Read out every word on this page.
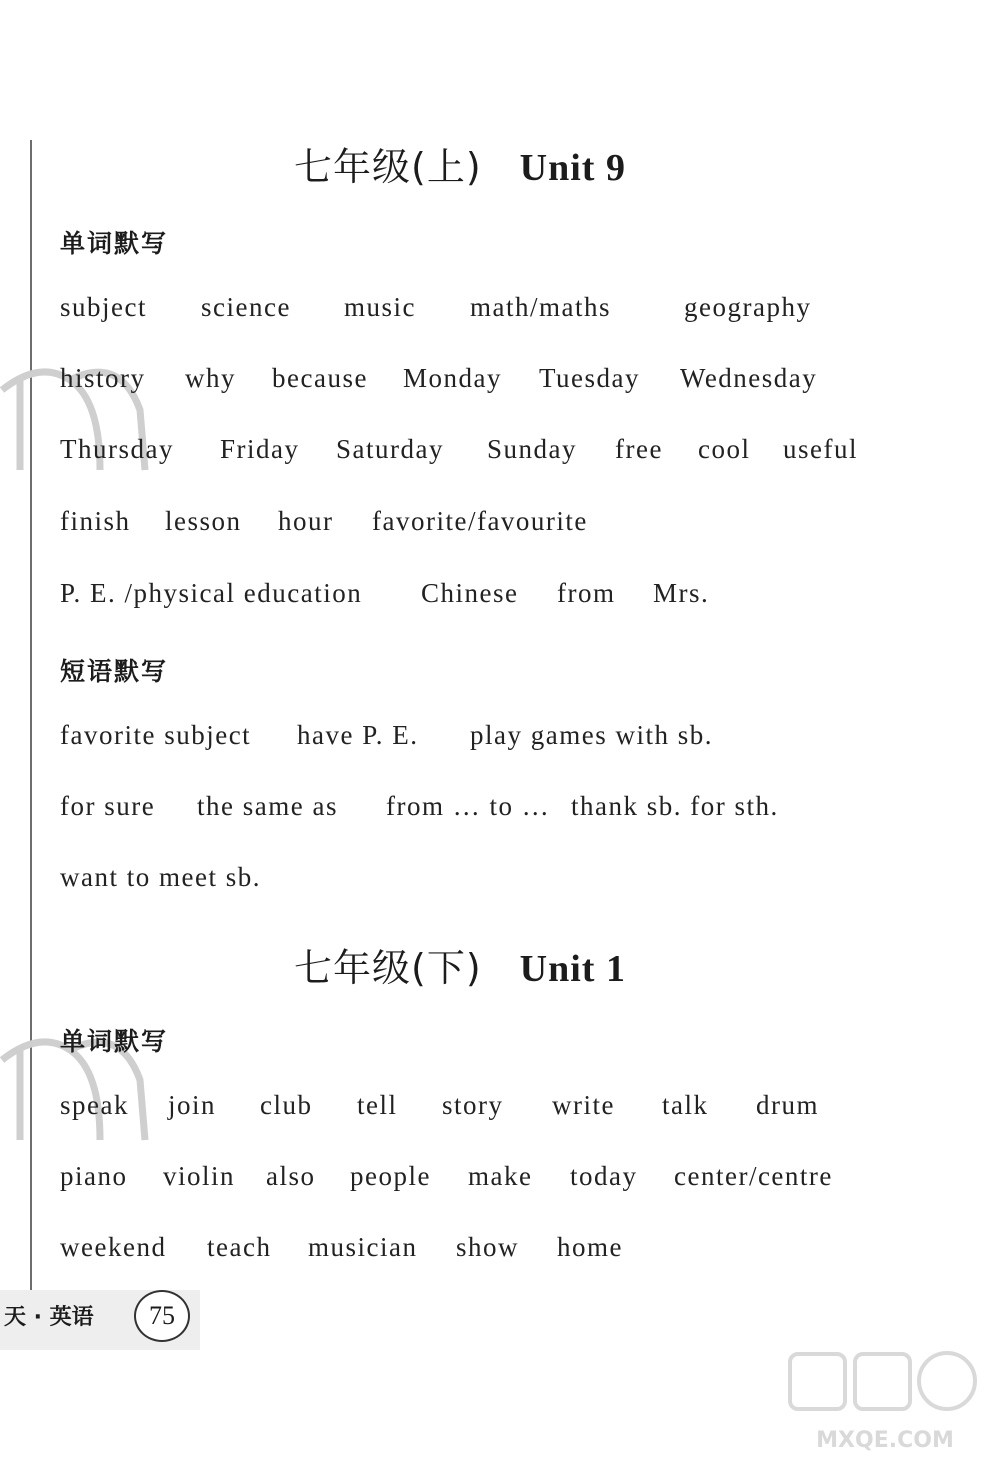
七年级(上) Unit 9
单词默写
subject science music math/maths	geography
history why because Monday Tuesday Wednesday
Thursday Friday Saturday Sunday free cool useful
finish lesson hour favorite/favourite
P. E. /physical education Chinese from Mrs.
短语默写
favorite subject have P. E. play games with sb.
for sure the same as from … to … thank sb. for sth.
want to meet sb.
七年级(下) Unit 1
单词默写
speak join club tell story write talk drum
piano violin also people make today center/centre
weekend teach musician show home
天 · 英语	75
MXQE.COM
